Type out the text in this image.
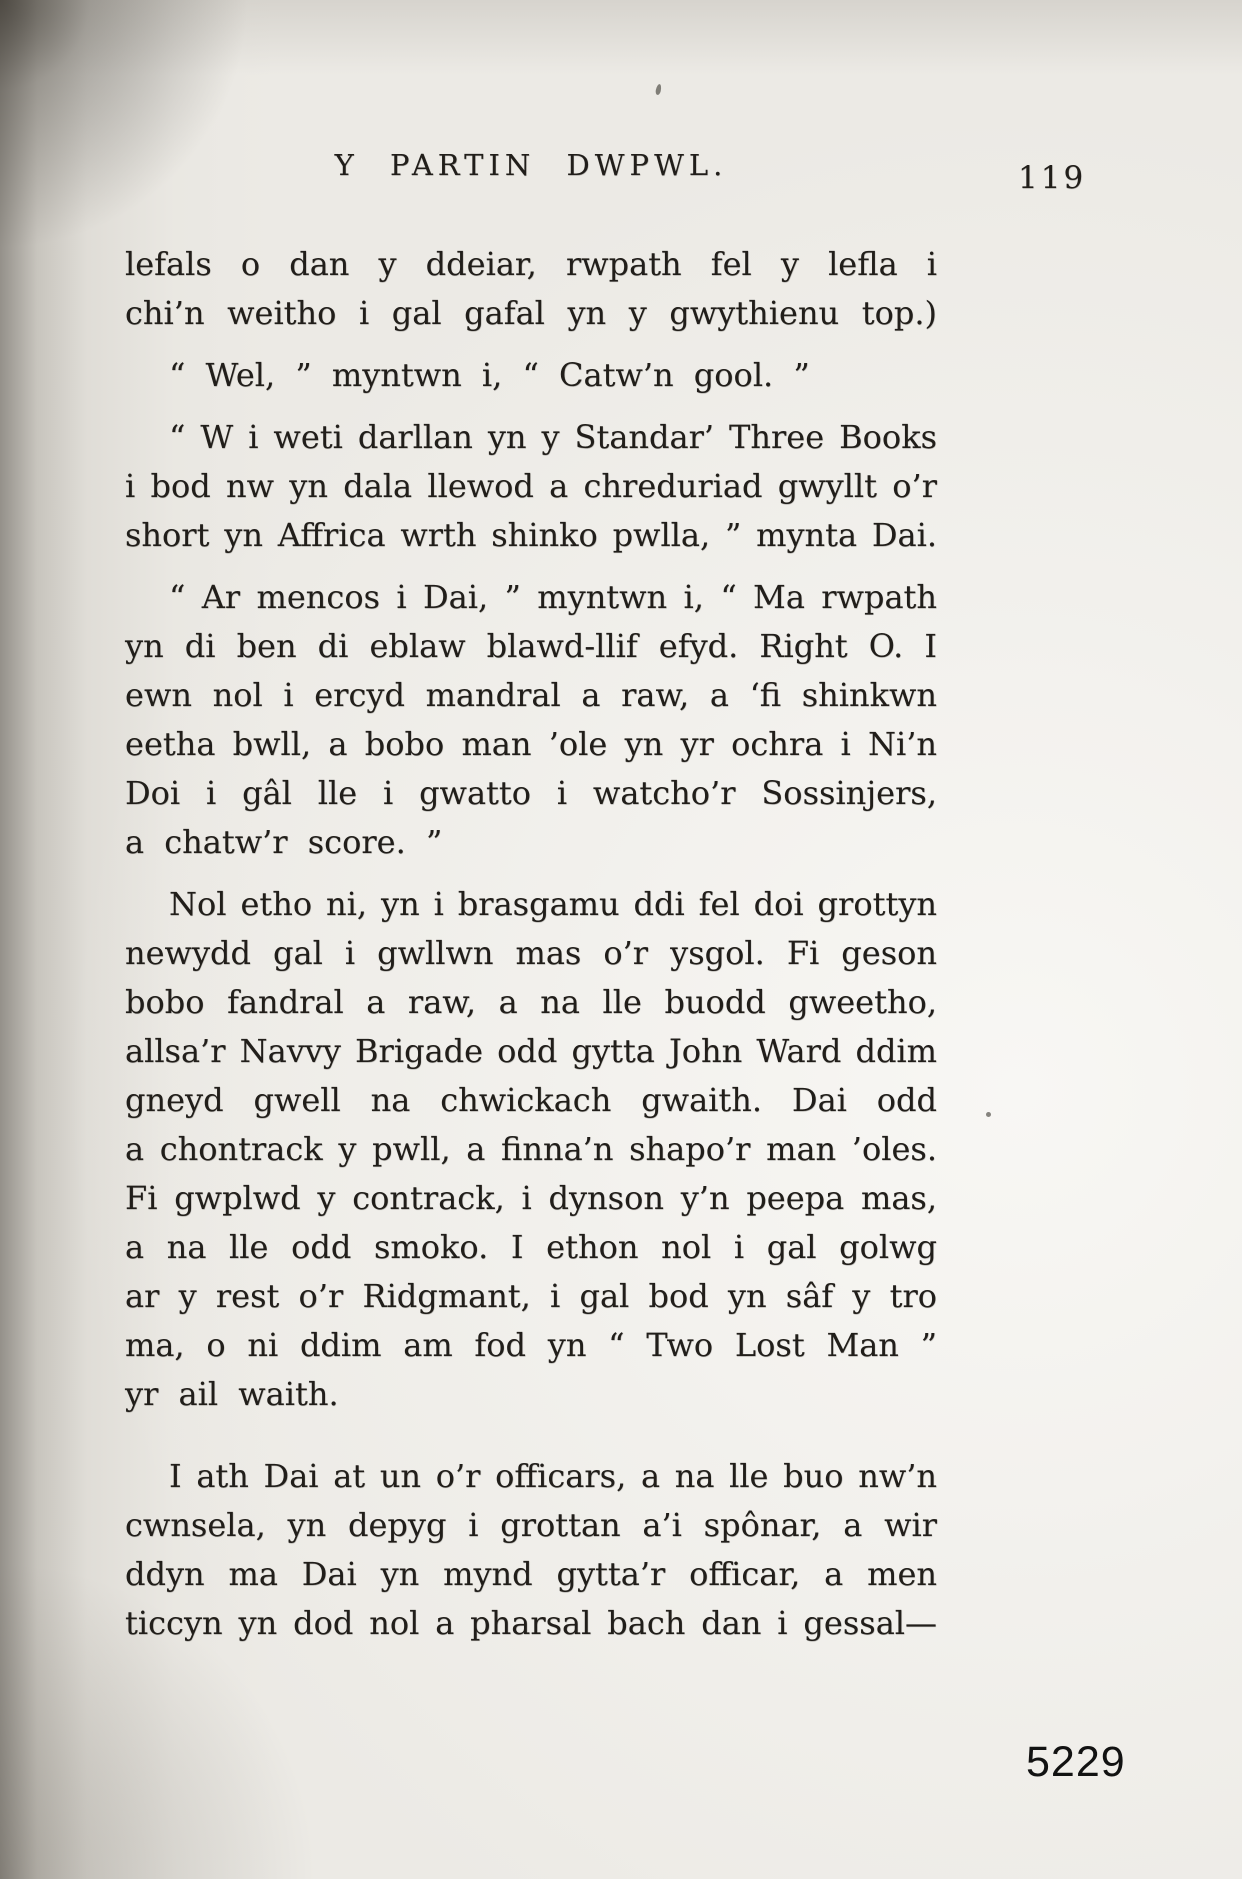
Y PARTIN DWPWL.	119
lefals o dan y ddeiar, rwpath fel y lefla i
chi’n weitho i gal gafal yn y gwythienu top.)
“ Wel, ” myntwn i, “ Catw’n gool. ”
“ W i weti darllan yn y Standar’ Three Books
i bod nw yn dala llewod a chreduriad gwyllt o’r
short yn Affrica wrth shinko pwlla, ” mynta Dai.
“ Ar mencos i Dai, ” myntwn i, “ Ma rwpath
yn di ben di eblaw blawd-llif efyd. Right O. I
ewn nol i ercyd mandral a raw, a ‘fi shinkwn
eetha bwll, a bobo man ’ole yn yr ochra i Ni’n
Doi i gâl lle i gwatto i watcho’r Sossinjers,
a chatw’r score. ”
Nol etho ni, yn i brasgamu ddi fel doi grottyn
newydd gal i gwllwn mas o’r ysgol. Fi geson
bobo fandral a raw, a na lle buodd gweetho,
allsa’r Navvy Brigade odd gytta John Ward ddim
gneyd gwell na chwickach gwaith. Dai odd
a chontrack y pwll, a finna’n shapo’r man ’oles.
Fi gwplwd y contrack, i dynson y’n peepa mas,
a na lle odd smoko. I ethon nol i gal golwg
ar y rest o’r Ridgmant, i gal bod yn sâf y tro
ma, o ni ddim am fod yn “ Two Lost Man ”
yr ail waith.
I ath Dai at un o’r officars, a na lle buo nw’n
cwnsela, yn depyg i grottan a’i spônar, a wir
ddyn ma Dai yn mynd gytta’r officar, a men
ticcyn yn dod nol a pharsal bach dan i gessal—
5229
